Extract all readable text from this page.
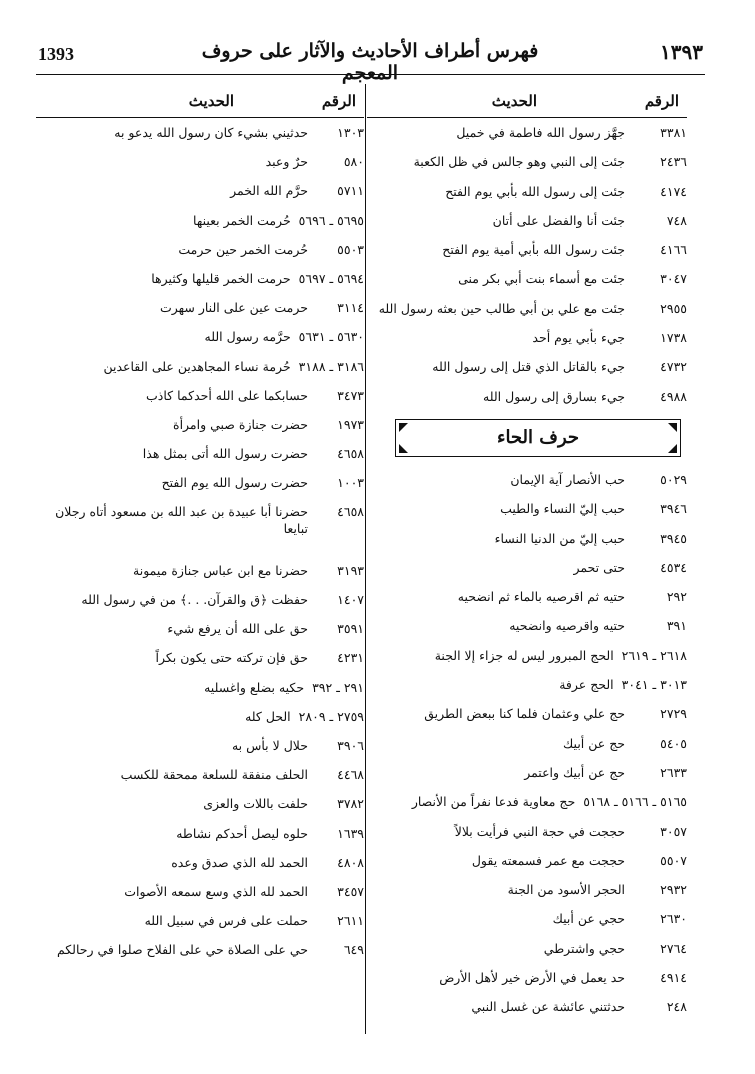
1393	فهرس أطراف الأحاديث والآثار على حروف المعجم
١٣٩٣
الرقم
الحديث
٣٣٨١
جهَّز رسول الله فاطمة في خميل
٢٤٣٦
جئت إلى النبي وهو جالس في ظل الكعبة
٤١٧٤
جئت إلى رسول الله بأبي يوم الفتح
٧٤٨
جئت أنا والفضل على أتان
٤١٦٦
جئت رسول الله بأبي أمية يوم الفتح
٣٠٤٧
جئت مع أسماء بنت أبي بكر منى
٢٩٥٥
جئت مع علي بن أبي طالب حين بعثه رسول الله
١٧٣٨
جيء بأبي يوم أحد
٤٧٣٢
جيء بالقاتل الذي قتل إلى رسول الله
٤٩٨٨
جيء بسارق إلى رسول الله
حرف الحاء
٥٠٢٩
حب الأنصار آية الإيمان
٣٩٤٦
حبب إليّ النساء والطيب
٣٩٤٥
حبب إليّ من الدنيا النساء
٤٥٣٤
حتى تحمر
٢٩٢
حتيه ثم اقرصيه بالماء ثم انضحيه
٣٩١
حتيه واقرصيه وانضحيه
٢٦١٨ ـ ٢٦١٩
الحج المبرور ليس له جزاء إلا الجنة
٣٠١٣ ـ ٣٠٤١
الحج عرفة
٢٧٢٩
حج علي وعثمان فلما كنا ببعض الطريق
٥٤٠٥
حج عن أبيك
٢٦٣٣
حج عن أبيك واعتمر
٥١٦٥ ـ ٥١٦٦ ـ ٥١٦٨
حج معاوية فدعا نفراً من الأنصار
٣٠٥٧
حججت في حجة النبي فرأيت بلالاً
٥٥٠٧
حججت مع عمر فسمعته يقول
٢٩٣٢
الحجر الأسود من الجنة
٢٦٣٠
حجي عن أبيك
٢٧٦٤
حجي واشترطي
٤٩١٤
حد يعمل في الأرض خير لأهل الأرض
٢٤٨
حدثتني عائشة عن غسل النبي
الرقم
الحديث
١٣٠٣
حدثيني بشيء كان رسول الله يدعو به
٥٨٠
حرٌ وعبد
٥٧١١
حرَّم الله الخمر
٥٦٩٥ ـ ٥٦٩٦
حُرمت الخمر بعينها
٥٥٠٣
حُرمت الخمر حين حرمت
٥٦٩٤ ـ ٥٦٩٧
حرمت الخمر قليلها وكثيرها
٣١١٤
حرمت عين على النار سهرت
٥٦٣٠ ـ ٥٦٣١
حرَّمه رسول الله
٣١٨٦ ـ ٣١٨٨
حُرمة نساء المجاهدين على القاعدين
٣٤٧٣
حسابكما على الله أحدكما كاذب
١٩٧٣
حضرت جنازة صبي وامرأة
٤٦٥٨
حضرت رسول الله أتى بمثل هذا
١٠٠٣
حضرت رسول الله يوم الفتح
٤٦٥٨
حضرنا أبا عبيدة بن عبد الله بن مسعود أتاه رجلان تبايعا
٣١٩٣
حضرنا مع ابن عباس جنازة ميمونة
١٤٠٧
حفظت ﴿ق والقرآن. . .﴾ من في رسول الله
٣٥٩١
حق على الله أن يرفع شيء
٤٢٣١
حق فإن تركته حتى يكون بكراً
٢٩١ ـ ٣٩٢
حكيه بضلع واغسليه
٢٧٥٩ ـ ٢٨٠٩
الحل كله
٣٩٠٦
حلال لا بأس به
٤٤٦٨
الحلف منفقة للسلعة ممحقة للكسب
٣٧٨٢
حلفت باللات والعزى
١٦٣٩
حلوه ليصل أحدكم نشاطه
٤٨٠٨
الحمد لله الذي صدق وعده
٣٤٥٧
الحمد لله الذي وسع سمعه الأصوات
٢٦١١
حملت على فرس في سبيل الله
٦٤٩
حي على الصلاة حي على الفلاح صلوا في رحالكم
